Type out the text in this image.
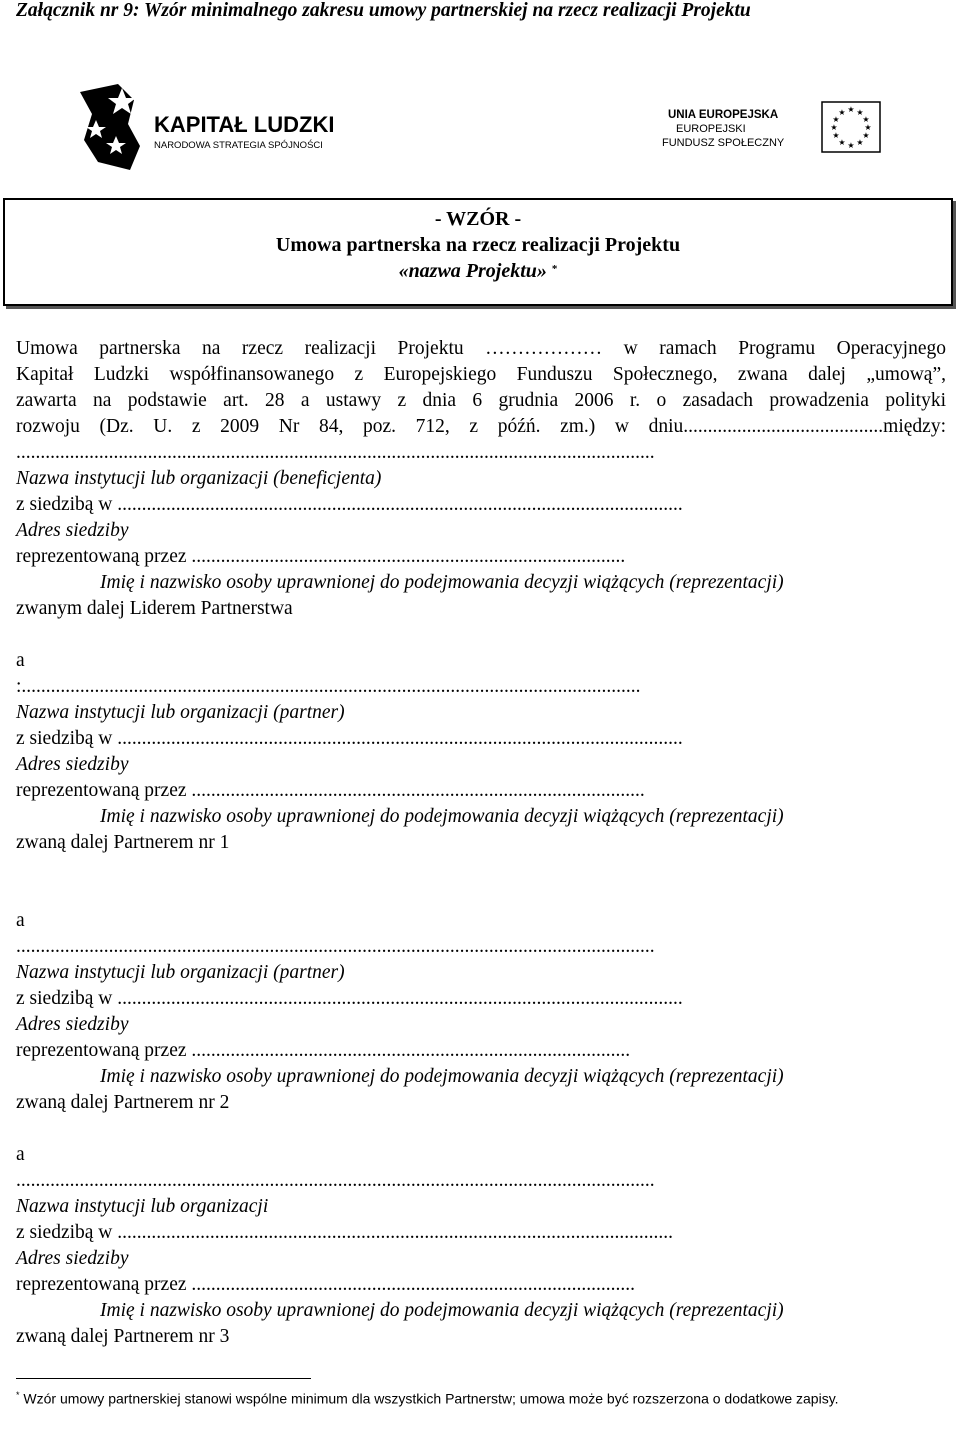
Załącznik nr 9: Wzór minimalnego zakresu umowy partnerskiej na rzecz realizacji Projektu
KAPITAŁ LUDZKI
NARODOWA STRATEGIA SPÓJNOŚCI
UNIA EUROPEJSKA
EUROPEJSKI
FUNDUSZ SPOŁECZNY
★ ★
★
★
★
★
★
★
★
★
★
★
- WZÓR -
Umowa partnerska na rzecz realizacji Projektu
«nazwa Projektu» *
Umowa partnerska na rzecz realizacji Projektu ……………… w ramach Programu Operacyjnego
Kapitał Ludzki współfinansowanego z Europejskiego Funduszu Społecznego, zwana dalej „umową”,
zawarta na podstawie art. 28 a ustawy z dnia 6 grudnia 2006 r. o zasadach prowadzenia polityki
rozwoju (Dz. U. z 2009 Nr 84, poz. 712, z późń. zm.) w dniu.........................................między:
...................................................................................................................................
Nazwa instytucji lub organizacji (beneficjenta)
z siedzibą w ....................................................................................................................
Adres siedziby
reprezentowaną przez .........................................................................................
Imię i nazwisko osoby uprawnionej do podejmowania decyzji wiążących (reprezentacji)
zwanym dalej Liderem Partnerstwa
a
:...............................................................................................................................
Nazwa instytucji lub organizacji (partner)
z siedzibą w ....................................................................................................................
Adres siedziby
reprezentowaną przez .............................................................................................
Imię i nazwisko osoby uprawnionej do podejmowania decyzji wiążących (reprezentacji)
zwaną dalej Partnerem nr 1
a
...................................................................................................................................
Nazwa instytucji lub organizacji (partner)
z siedzibą w ....................................................................................................................
Adres siedziby
reprezentowaną przez ..........................................................................................
Imię i nazwisko osoby uprawnionej do podejmowania decyzji wiążących (reprezentacji)
zwaną dalej Partnerem nr 2
a
...................................................................................................................................
Nazwa instytucji lub organizacji
z siedzibą w ..................................................................................................................
Adres siedziby
reprezentowaną przez ...........................................................................................
Imię i nazwisko osoby uprawnionej do podejmowania decyzji wiążących (reprezentacji)
zwaną dalej Partnerem nr 3
* Wzór umowy partnerskiej stanowi wspólne minimum dla wszystkich Partnerstw; umowa może być rozszerzona o dodatkowe zapisy.
